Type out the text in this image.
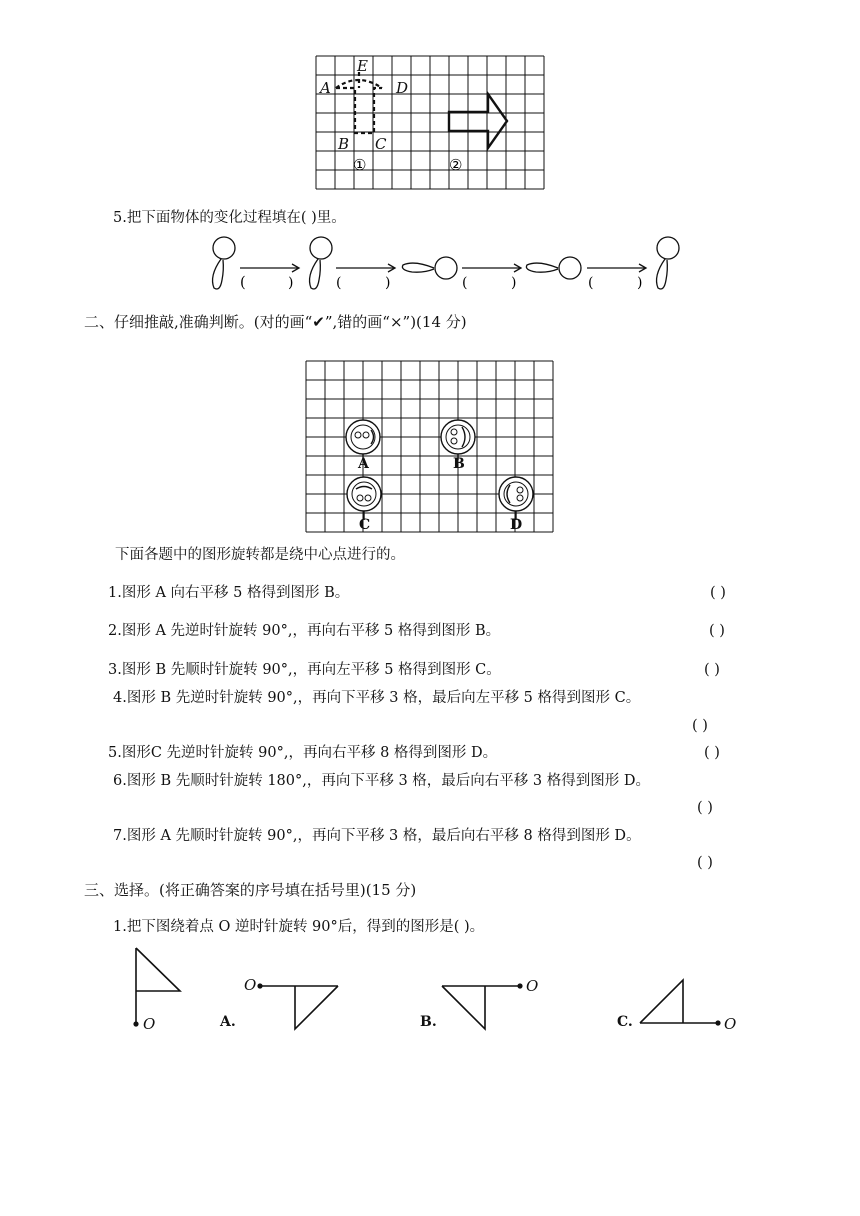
A
E
D
B C
①	②
5.把下面物体的变化过程填在( )里。
(	)	(	)	(	)	(	)
二、仔细推敲,准确判断。(对的画“✔”,错的画“×”)(14 分)
A	B
C	D
下面各题中的图形旋转都是绕中心点进行的。
1.图形 A 向右平移 5 格得到图形 B。	( )
2.图形 A 先逆时针旋转 90°,，再向右平移 5 格得到图形 B。	( )
3.图形 B 先顺时针旋转 90°,，再向左平移 5 格得到图形 C。	( )
4.图形 B 先逆时针旋转 90°,，再向下平移 3 格，最后向左平移 5 格得到图形 C。
( )
5.图形C 先逆时针旋转 90°,，再向右平移 8 格得到图形 D。	( )
6.图形 B 先顺时针旋转 180°,，再向下平移 3 格，最后向右平移 3 格得到图形 D。
( )
7.图形 A 先顺时针旋转 90°,，再向下平移 3 格，最后向右平移 8 格得到图形 D。
( )
三、选择。(将正确答案的序号填在括号里)(15 分)
1.把下图绕着点 O 逆时针旋转 90°后，得到的图形是( )。
O	A.
O
B.
O
C.	O
